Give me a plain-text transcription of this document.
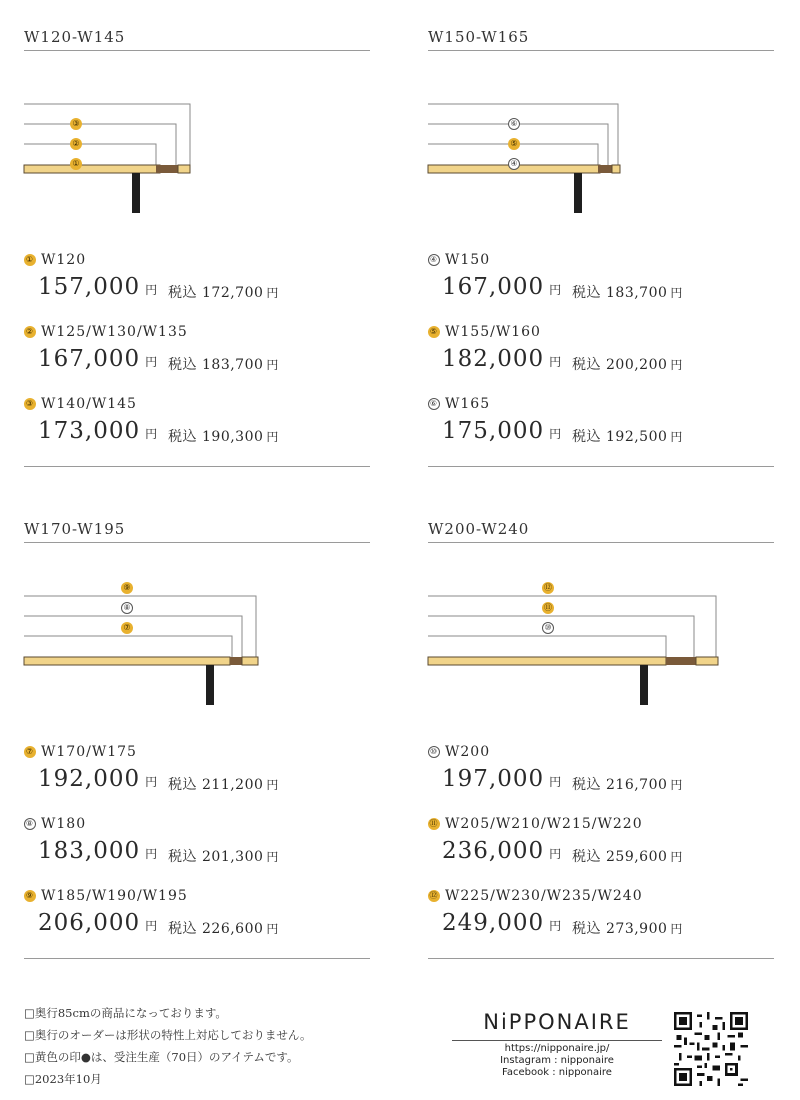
W120-W145
③
②
①
① W120
157,000 円 税込 172,700 円
② W125/W130/W135
167,000 円 税込 183,700 円
③ W140/W145
173,000 円 税込 190,300 円
W150-W165
⑥
⑤
④
④ W150
167,000 円 税込 183,700 円
⑤ W155/W160
182,000 円 税込 200,200 円
⑥ W165
175,000 円 税込 192,500 円
W170-W195
⑨
⑧
⑦
⑦ W170/W175
192,000 円 税込 211,200 円
⑧ W180
183,000 円 税込 201,300 円
⑨ W185/W190/W195
206,000 円 税込 226,600 円
W200-W240
⑫
⑪
⑩
⑩ W200
197,000 円 税込 216,700 円
⑪ W205/W210/W215/W220
236,000 円 税込 259,600 円
⑫ W225/W230/W235/W240
249,000 円 税込 273,900 円
□奥行85cmの商品になっております。
□奥行のオーダーは形状の特性上対応しておりません。
□黄色の印●は、受注生産（70日）のアイテムです。
□2023年10月
NiPPONAIRE
https://nipponaire.jp/
Instagram : nipponaire
Facebook : nipponaire
